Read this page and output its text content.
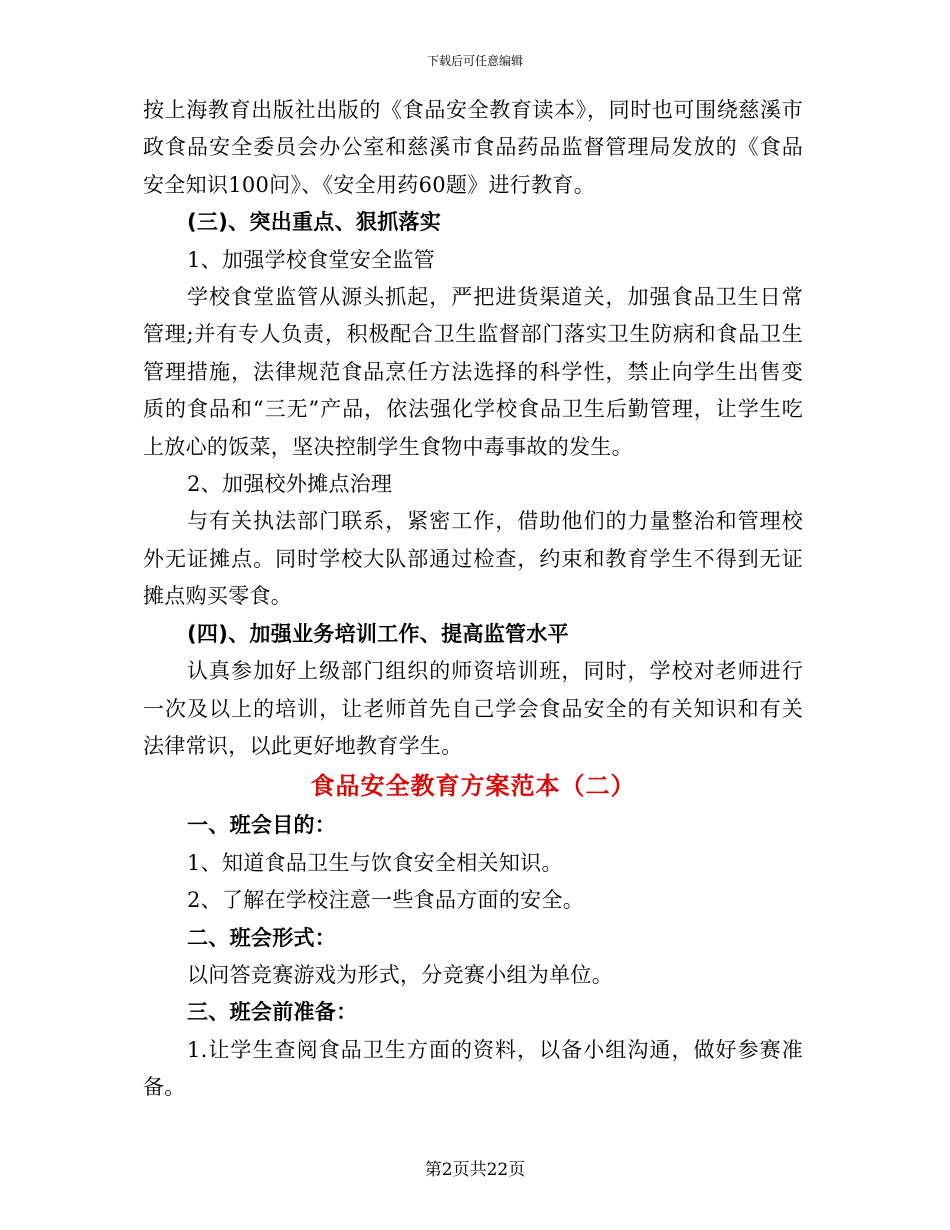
下载后可任意编辑

按上海教育出版社出版的《食品安全教育读本》，同时也可围绕慈溪市政食品安全委员会办公室和慈溪市食品药品监督管理局发放的《食品安全知识100问》、《安全用药60题》进行教育。

(三)、突出重点、狠抓落实

1、加强学校食堂安全监管

学校食堂监管从源头抓起，严把进货渠道关，加强食品卫生日常管理;并有专人负责，积极配合卫生监督部门落实卫生防病和食品卫生管理措施，法律规范食品烹任方法选择的科学性，禁止向学生出售变质的食品和“三无”产品，依法强化学校食品卫生后勤管理，让学生吃上放心的饭菜，坚决控制学生食物中毒事故的发生。

2、加强校外摊点治理

与有关执法部门联系，紧密工作，借助他们的力量整治和管理校外无证摊点。同时学校大队部通过检查，约束和教育学生不得到无证摊点购买零食。

(四)、加强业务培训工作、提高监管水平

认真参加好上级部门组织的师资培训班，同时，学校对老师进行一次及以上的培训，让老师首先自己学会食品安全的有关知识和有关法律常识，以此更好地教育学生。

食品安全教育方案范本（二）

一、班会目的：

1、知道食品卫生与饮食安全相关知识。

2、了解在学校注意一些食品方面的安全。

二、班会形式：

以问答竞赛游戏为形式，分竞赛小组为单位。

三、班会前准备：

1.让学生查阅食品卫生方面的资料，以备小组沟通，做好参赛准备。

第2页共22页
